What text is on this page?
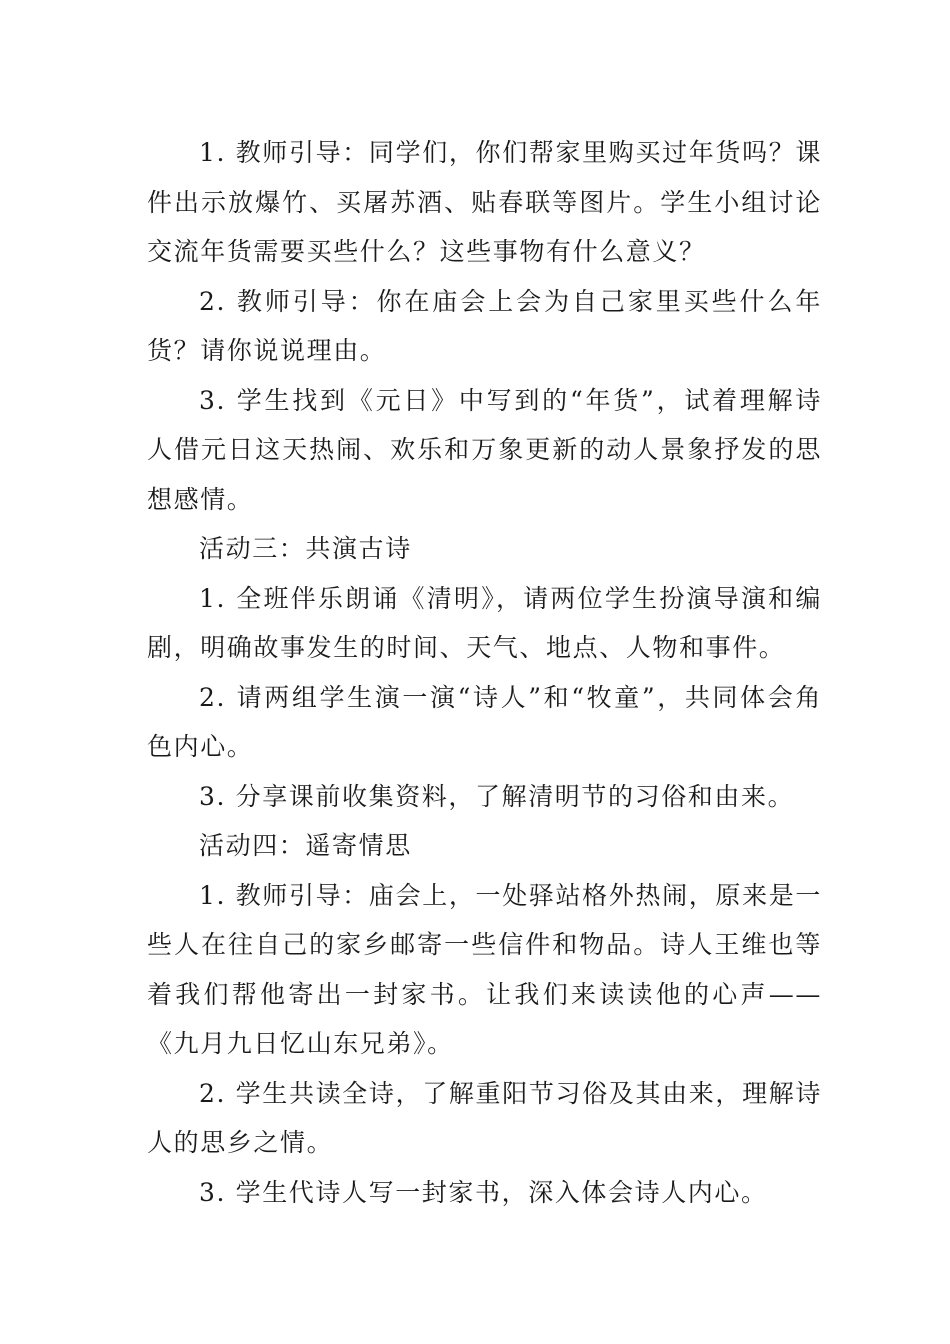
1. 教师引导：同学们，你们帮家里购买过年货吗？课件出示放爆竹、买屠苏酒、贴春联等图片。学生小组讨论交流年货需要买些什么？这些事物有什么意义？

2. 教师引导：你在庙会上会为自己家里买些什么年货？请你说说理由。

3. 学生找到《元日》中写到的“年货”，试着理解诗人借元日这天热闹、欢乐和万象更新的动人景象抒发的思想感情。

活动三：共演古诗

1. 全班伴乐朗诵《清明》，请两位学生扮演导演和编剧，明确故事发生的时间、天气、地点、人物和事件。

2. 请两组学生演一演“诗人”和“牧童”，共同体会角色内心。

3. 分享课前收集资料，了解清明节的习俗和由来。

活动四：遥寄情思

1. 教师引导：庙会上，一处驿站格外热闹，原来是一些人在往自己的家乡邮寄一些信件和物品。诗人王维也等着我们帮他寄出一封家书。让我们来读读他的心声——《九月九日忆山东兄弟》。

2. 学生共读全诗，了解重阳节习俗及其由来，理解诗人的思乡之情。

3. 学生代诗人写一封家书，深入体会诗人内心。
